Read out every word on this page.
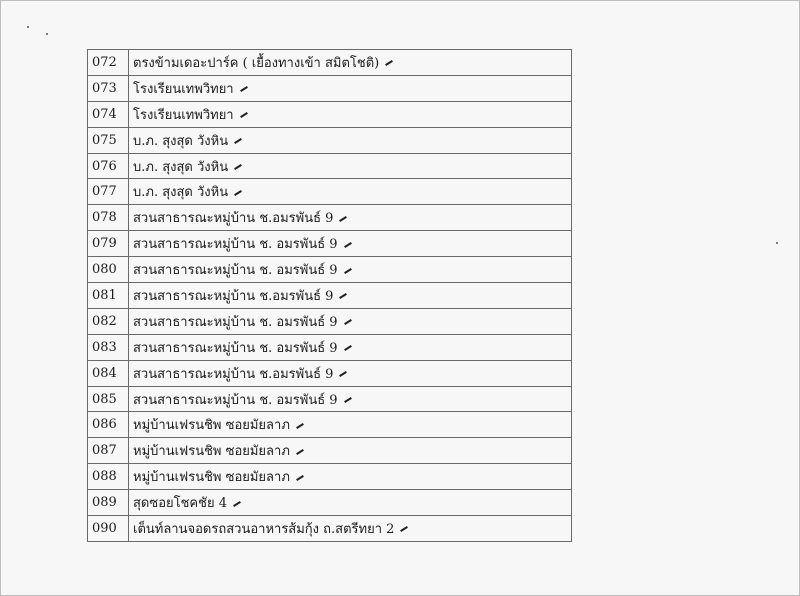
072	ตรงข้ามเดอะปาร์ค ( เยื้องทางเข้า สมิตโชติ)
073	โรงเรียนเทพวิทยา
074	โรงเรียนเทพวิทยา
075	บ.ภ. สุงสุด วังหิน
076	บ.ภ. สุงสุด วังหิน
077	บ.ภ. สุงสุด วังหิน
078	สวนสาธารณะหมู่บ้าน ช.อมรพันธ์ 9
079	สวนสาธารณะหมู่บ้าน ช. อมรพันธ์ 9
080	สวนสาธารณะหมู่บ้าน ช. อมรพันธ์ 9
081	สวนสาธารณะหมู่บ้าน ช.อมรพันธ์ 9
082	สวนสาธารณะหมู่บ้าน ช. อมรพันธ์ 9
083	สวนสาธารณะหมู่บ้าน ช. อมรพันธ์ 9
084	สวนสาธารณะหมู่บ้าน ช.อมรพันธ์ 9
085	สวนสาธารณะหมู่บ้าน ช. อมรพันธ์ 9
086	หมู่บ้านเฟรนชิพ ซอยมัยลาภ
087	หมู่บ้านเฟรนชิพ ซอยมัยลาภ
088	หมู่บ้านเฟรนชิพ ซอยมัยลาภ
089	สุดซอยโชคชัย 4
090	เต็นท์ลานจอดรถสวนอาหารส้มกุ้ง ถ.สตรีทยา 2
